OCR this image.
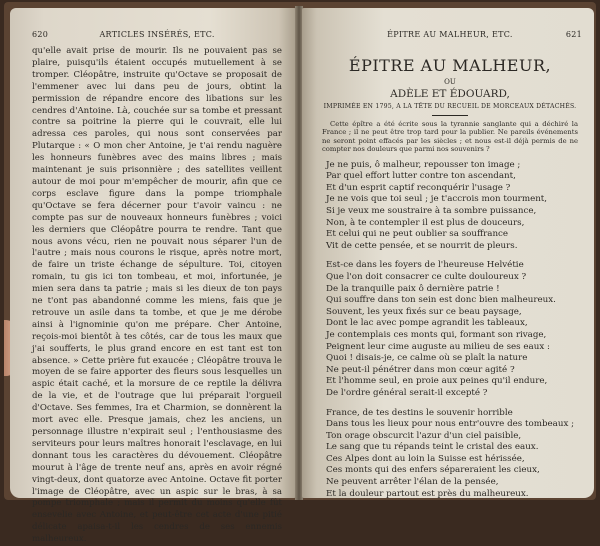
620	ARTICLES INSÉRÉS, ETC.

qu'elle avait prise de mourir. Ils ne pouvaient pas se plaire, puisqu'ils étaient occupés mutuellement à se tromper. Cléopâtre, instruite qu'Octave se proposait de l'emmener avec lui dans peu de jours, obtint la permission de répandre encore des libations sur les cendres d'Antoine. Là, couchée sur sa tombe et pressant contre sa poitrine la pierre qui le couvrait, elle lui adressa ces paroles, qui nous sont conservées par Plutarque : « O mon cher Antoine, je t'ai rendu naguère les honneurs funèbres avec des mains libres ; mais maintenant je suis prisonnière ; des satellites veillent autour de moi pour m'empêcher de mourir, afin que ce corps esclave figure dans la pompe triomphale qu'Octave se fera décerner pour t'avoir vaincu : ne compte pas sur de nouveaux honneurs funèbres ; voici les derniers que Cléopâtre pourra te rendre. Tant que nous avons vécu, rien ne pouvait nous séparer l'un de l'autre ; mais nous courons le risque, après notre mort, de faire un triste échange de sépulture. Toi, citoyen romain, tu gis ici ton tombeau, et moi, infortunée, je mien sera dans ta patrie ; mais si les dieux de ton pays ne t'ont pas abandonné comme les miens, fais que je retrouve un asile dans ta tombe, et que je me dérobe ainsi à l'ignominie qu'on me prépare. Cher Antoine, reçois-moi bientôt à tes côtés, car de tous les maux que j'ai soufferts, le plus grand encore en est tant est ton absence. » Cette prière fut exaucée ; Cléopâtre trouva le moyen de se faire apporter des fleurs sous lesquelles un aspic était caché, et la morsure de ce reptile la délivra de la vie, et de l'outrage que lui préparait l'orgueil d'Octave. Ses femmes, Ira et Charmion, se donnèrent la mort avec elle. Presque jamais, chez les anciens, un personnage illustre n'expirait seul ; l'enthousiasme des serviteurs pour leurs maîtres honorait l'esclavage, en lui donnant tous les caractères du dévouement. Cléopâtre mourut à l'âge de trente neuf ans, après en avoir régné vingt-deux, dont quatorze avec Antoine. Octave fit porter l'image de Cléopâtre, avec un aspic sur le bras, à sa pompe triomphale ; mais il permit du moins qu'elle fût ensevelie avec Antoine, et peut-être cet acte d'une pitié délicate apaisa-t-il les cendres de ses ennemis malheureux.

ÉPITRE AU MALHEUR, ETC.	621
ÉPITRE AU MALHEUR,
OU
ADÈLE ET ÉDOUARD,
IMPRIMÉE EN 1795, A LA TÊTE DU RECUEIL DE MORCEAUX DÉTACHÉS.
Cette épître a été écrite sous la tyrannie sanglante qui a déchiré la France ; il ne peut être trop tard pour la publier. Ne pareils événements ne seront point effacés par les siècles ; et nous est-il déjà permis de ne compter nos douleurs que parmi nos souvenirs ?
Je ne puis, ô malheur, repousser ton image ;
Par quel effort lutter contre ton ascendant,
Et d'un esprit captif reconquérir l'usage ?
Je ne vois que toi seul ; je t'accrois mon tourment,
Si je veux me soustraire à ta sombre puissance,
Non, à te contempler il est plus de douceurs,
Et celui qui ne peut oublier sa souffrance
Vit de cette pensée, et se nourrit de pleurs.
Est-ce dans les foyers de l'heureuse Helvétie
Que l'on doit consacrer ce culte douloureux ?
De la tranquille paix ô dernière patrie !
Qui souffre dans ton sein est donc bien malheureux.
Souvent, les yeux fixés sur ce beau paysage,
Dont le lac avec pompe agrandit les tableaux,
Je contemplais ces monts qui, formant son rivage,
Peignent leur cime auguste au milieu de ses eaux :
Quoi ! disais-je, ce calme où se plaît la nature
Ne peut-il pénétrer dans mon cœur agité ?
Et l'homme seul, en proie aux peines qu'il endure,
De l'ordre général serait-il excepté ?
France, de tes destins le souvenir horrible
Dans tous les lieux pour nous entr'ouvre des tombeaux ;
Ton orage obscurcit l'azur d'un ciel paisible,
Le sang que tu répands teint le cristal des eaux.
Ces Alpes dont au loin la Suisse est hérissée,
Ces monts qui des enfers sépareraient les cieux,
Ne peuvent arrêter l'élan de la pensée,
Et la douleur partout est près du malheureux.
